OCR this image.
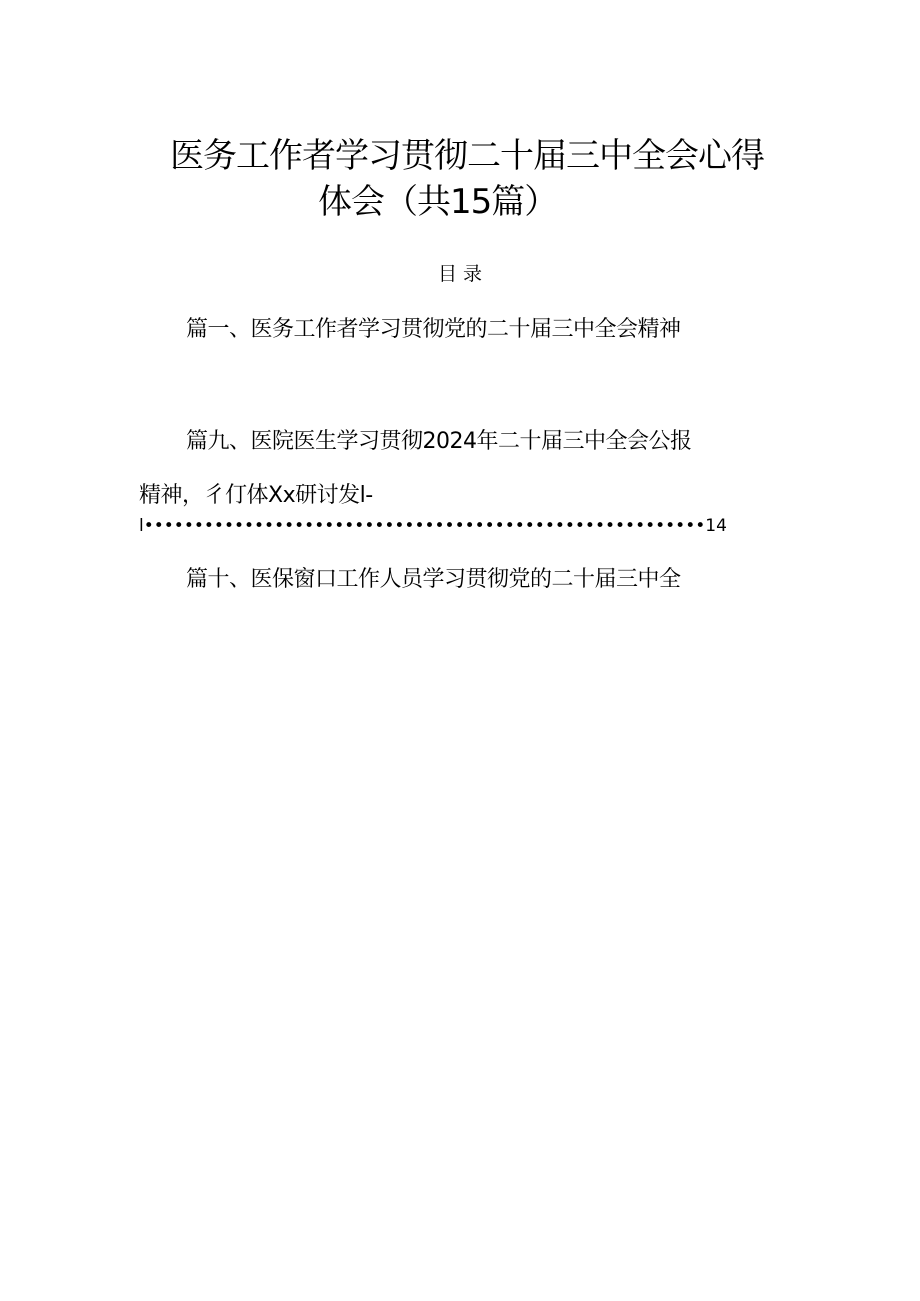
医务工作者学习贯彻二十届三中全会心得
体会（共15篇）
目录
篇一、医务工作者学习贯彻党的二十届三中全会精神
篇九、医院医生学习贯彻2024年二十届三中全会公报
精神，彳仃体Xx研讨发l-
l••••••••••••••••••••••••••••••••••••••••••••••••••••••••14
篇十、医保窗口工作人员学习贯彻党的二十届三中全
